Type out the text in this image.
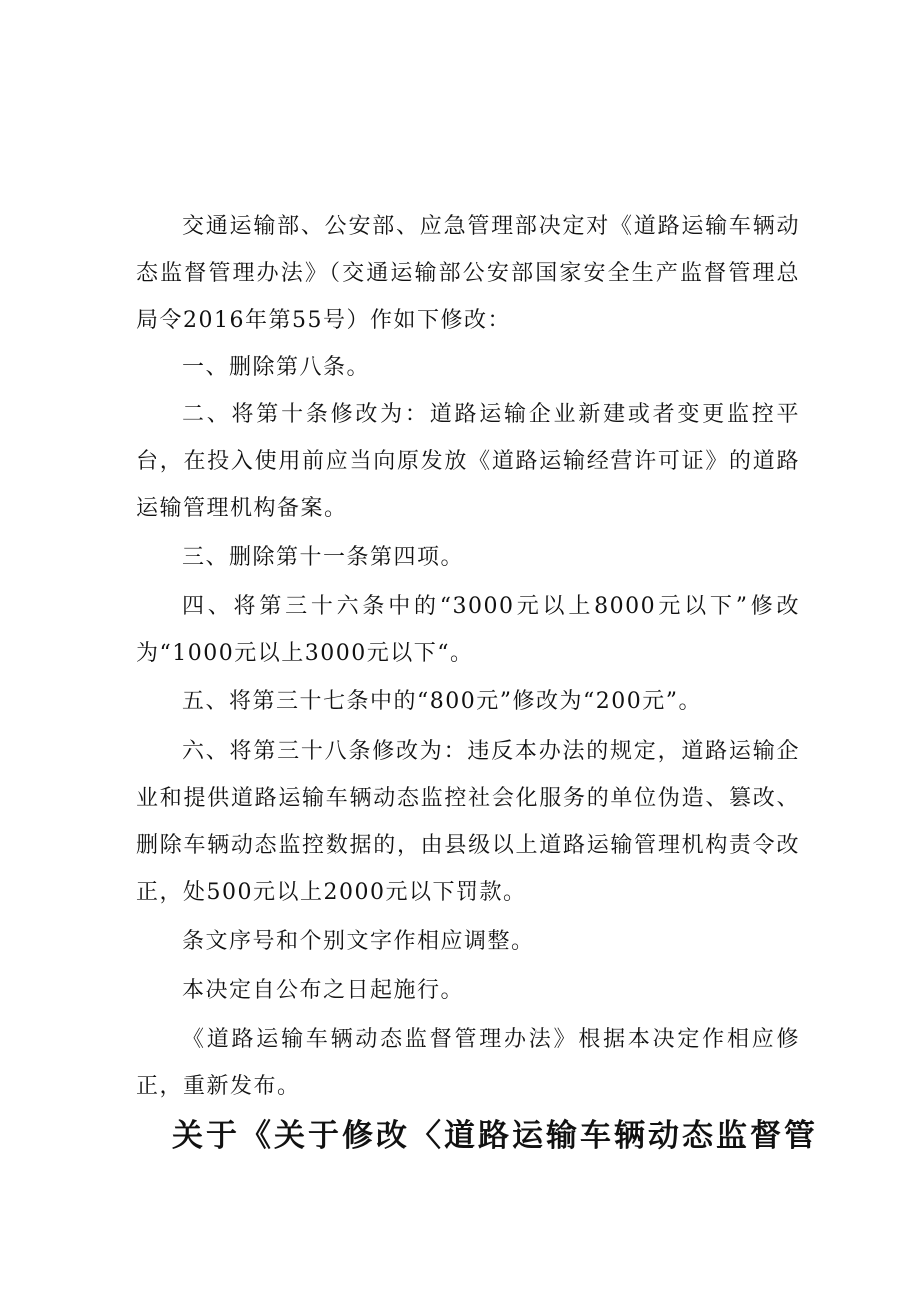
交通运输部、公安部、应急管理部决定对《道路运输车辆动态监督管理办法》（交通运输部公安部国家安全生产监督管理总局令2016年第55号）作如下修改：

一、删除第八条。

二、将第十条修改为：道路运输企业新建或者变更监控平台，在投入使用前应当向原发放《道路运输经营许可证》的道路运输管理机构备案。

三、删除第十一条第四项。

四、将第三十六条中的“3000元以上8000元以下”修改为“1000元以上3000元以下“。

五、将第三十七条中的“800元”修改为“200元”。

六、将第三十八条修改为：违反本办法的规定，道路运输企业和提供道路运输车辆动态监控社会化服务的单位伪造、篡改、删除车辆动态监控数据的，由县级以上道路运输管理机构责令改正，处500元以上2000元以下罚款。

条文序号和个别文字作相应调整。

本决定自公布之日起施行。

《道路运输车辆动态监督管理办法》根据本决定作相应修正，重新发布。

关于《关于修改〈道路运输车辆动态监督管
